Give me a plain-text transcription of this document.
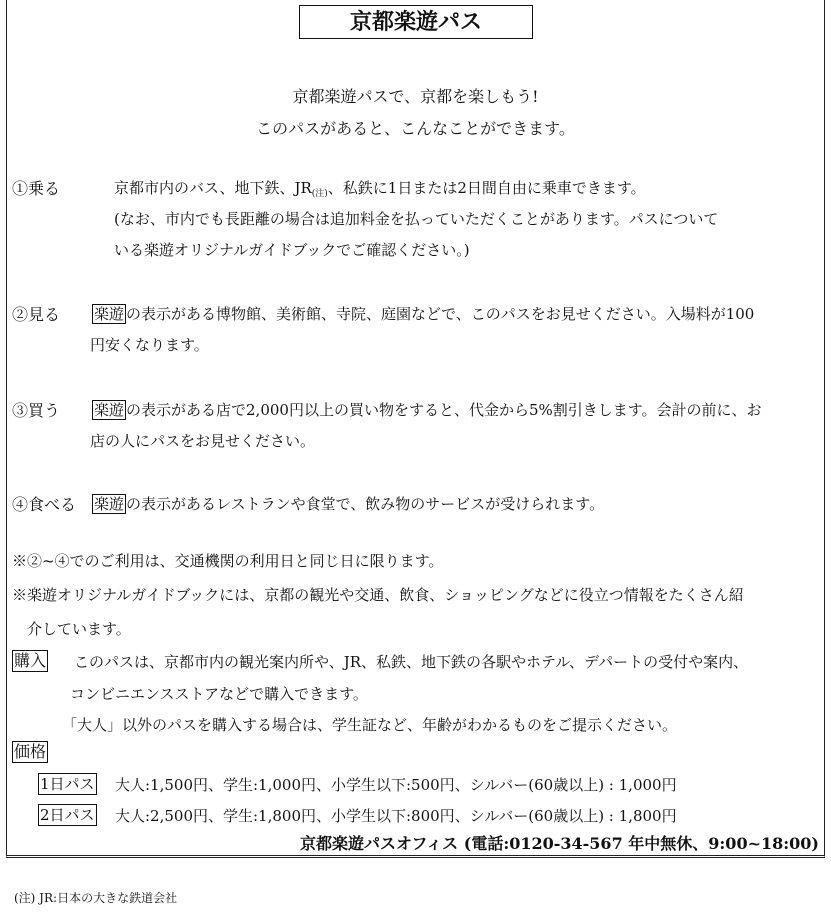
京都楽遊パス
京都楽遊パスで、京都を楽しもう!
このパスがあると、こんなことができます。
①乗る	京都市内のバス、地下鉄、$JR_{(注)}$、私鉄に1日または2日間自由に乗車できます。
(なお、市内でも長距離の場合は追加料金を払っていただくことがあります。パスについて
いる楽遊オリジナルガイドブックでご確認ください。)
②見る 楽遊 の表示がある博物館、美術館、寺院、庭園などで、このパスをお見せください。入場料が100
円安くなります。
③買う 楽遊 の表示がある店で2,000円以上の買い物をすると、代金から5%割引きします。会計の前に、お
店の人にパスをお見せください。
④食べる 楽遊 の表示があるレストランや食堂で、飲み物のサービスが受けられます。
※②~④でのご利用は、交通機関の利用日と同じ日に限ります。
※楽遊オリジナルガイドブックには、京都の観光や交通、飲食、ショッピングなどに役立つ情報をたくさん紹
介しています。
購入 このパスは、京都市内の観光案内所や、JR、私鉄、地下鉄の各駅やホテル、デパートの受付や案内、
コンビニエンスストアなどで購入できます。
「大人」以外のパスを購入する場合は、学生証など、年齢がわかるものをご提示ください。
価格
1日パス 大人:1,500円、学生:1,000円、小学生以下:500円、シルバー(60歳以上) : 1,000円
2日パス 大人:2,500円、学生:1,800円、小学生以下:800円、シルバー(60歳以上) : 1,800円
京都楽遊パスオフィス (電話:0120-34-567 年中無休、9:00~18:00)
(注) JR:日本の大きな鉄道会社
